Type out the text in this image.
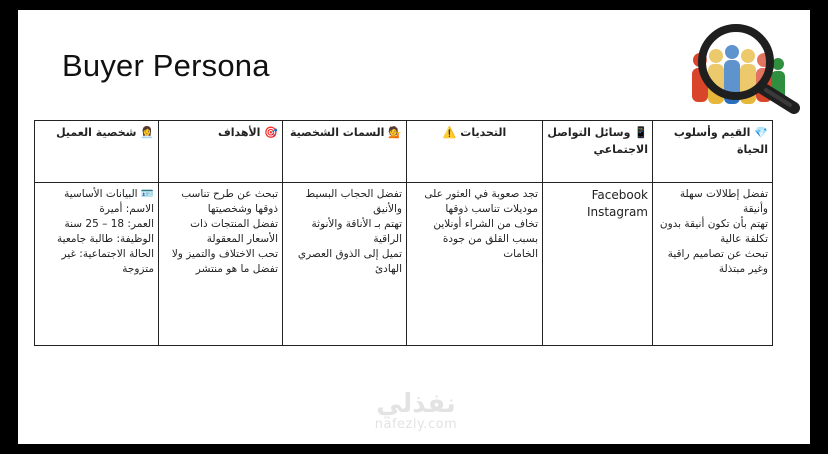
Buyer Persona
👩‍💼 شخصية العميل	🎯 الأهداف	💁 السمات الشخصية	التحديات ⚠️	📱 وسائل التواصل الاجتماعي	💎 القيم وأسلوب الحياة

🪪 البيانات الأساسية
الاسم: أميرة
العمر: 18 – 25 سنة
الوظيفة: طالبة جامعية
الحالة الاجتماعية: غير متزوجة	تبحث عن طرح تناسب ذوقها وشخصيتها
تفضل المنتجات ذات الأسعار المعقولة
تحب الاختلاف والتميز ولا تفضل ما هو منتشر	تفضل الحجاب البسيط والأنيق
تهتم بـ الأناقة والأنوثة الراقية
تميل إلى الذوق العصري الهادئ	تجد صعوبة في العثور على موديلات تناسب ذوقها
تخاف من الشراء أونلاين بسبب القلق من جودة الخامات	Facebook
Instagram	تفضل إطلالات سهلة وأنيقة
تهتم بأن تكون أنيقة بدون تكلفة عالية
تبحث عن تصاميم راقية وغير مبتذلة
نفذلي
nafezly.com
